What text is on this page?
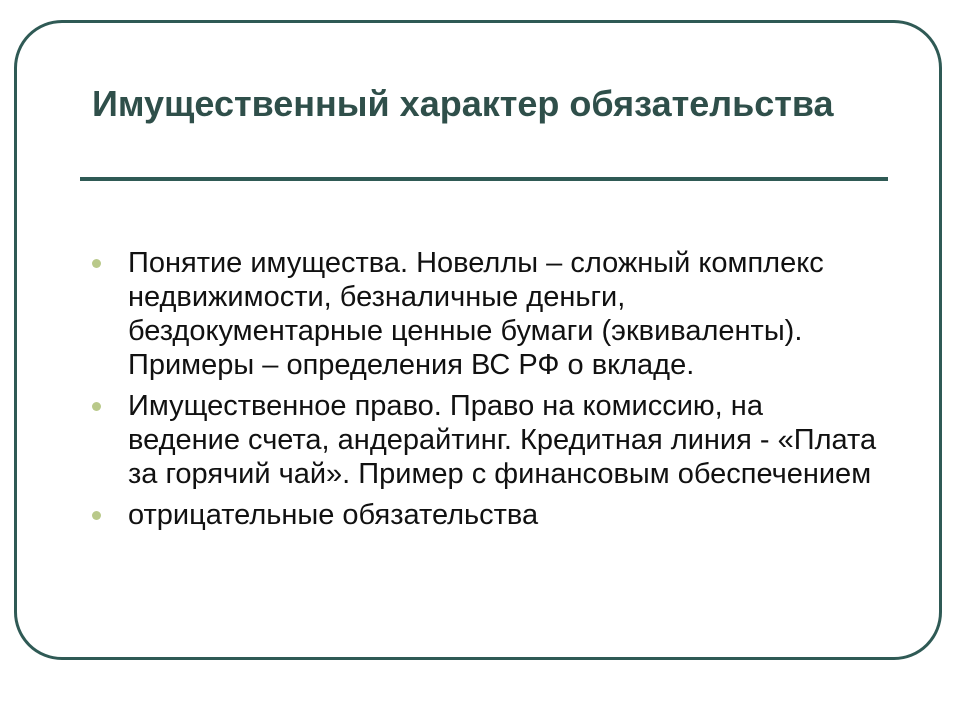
Имущественный характер обязательства
Понятие имущества. Новеллы – сложный комплекс недвижимости, безналичные деньги, бездокументарные ценные бумаги (эквиваленты). Примеры – определения ВС РФ о вкладе.
Имущественное право. Право на комиссию, на ведение счета, андерайтинг. Кредитная линия - «Плата за горячий чай». Пример с финансовым обеспечением
отрицательные обязательства
